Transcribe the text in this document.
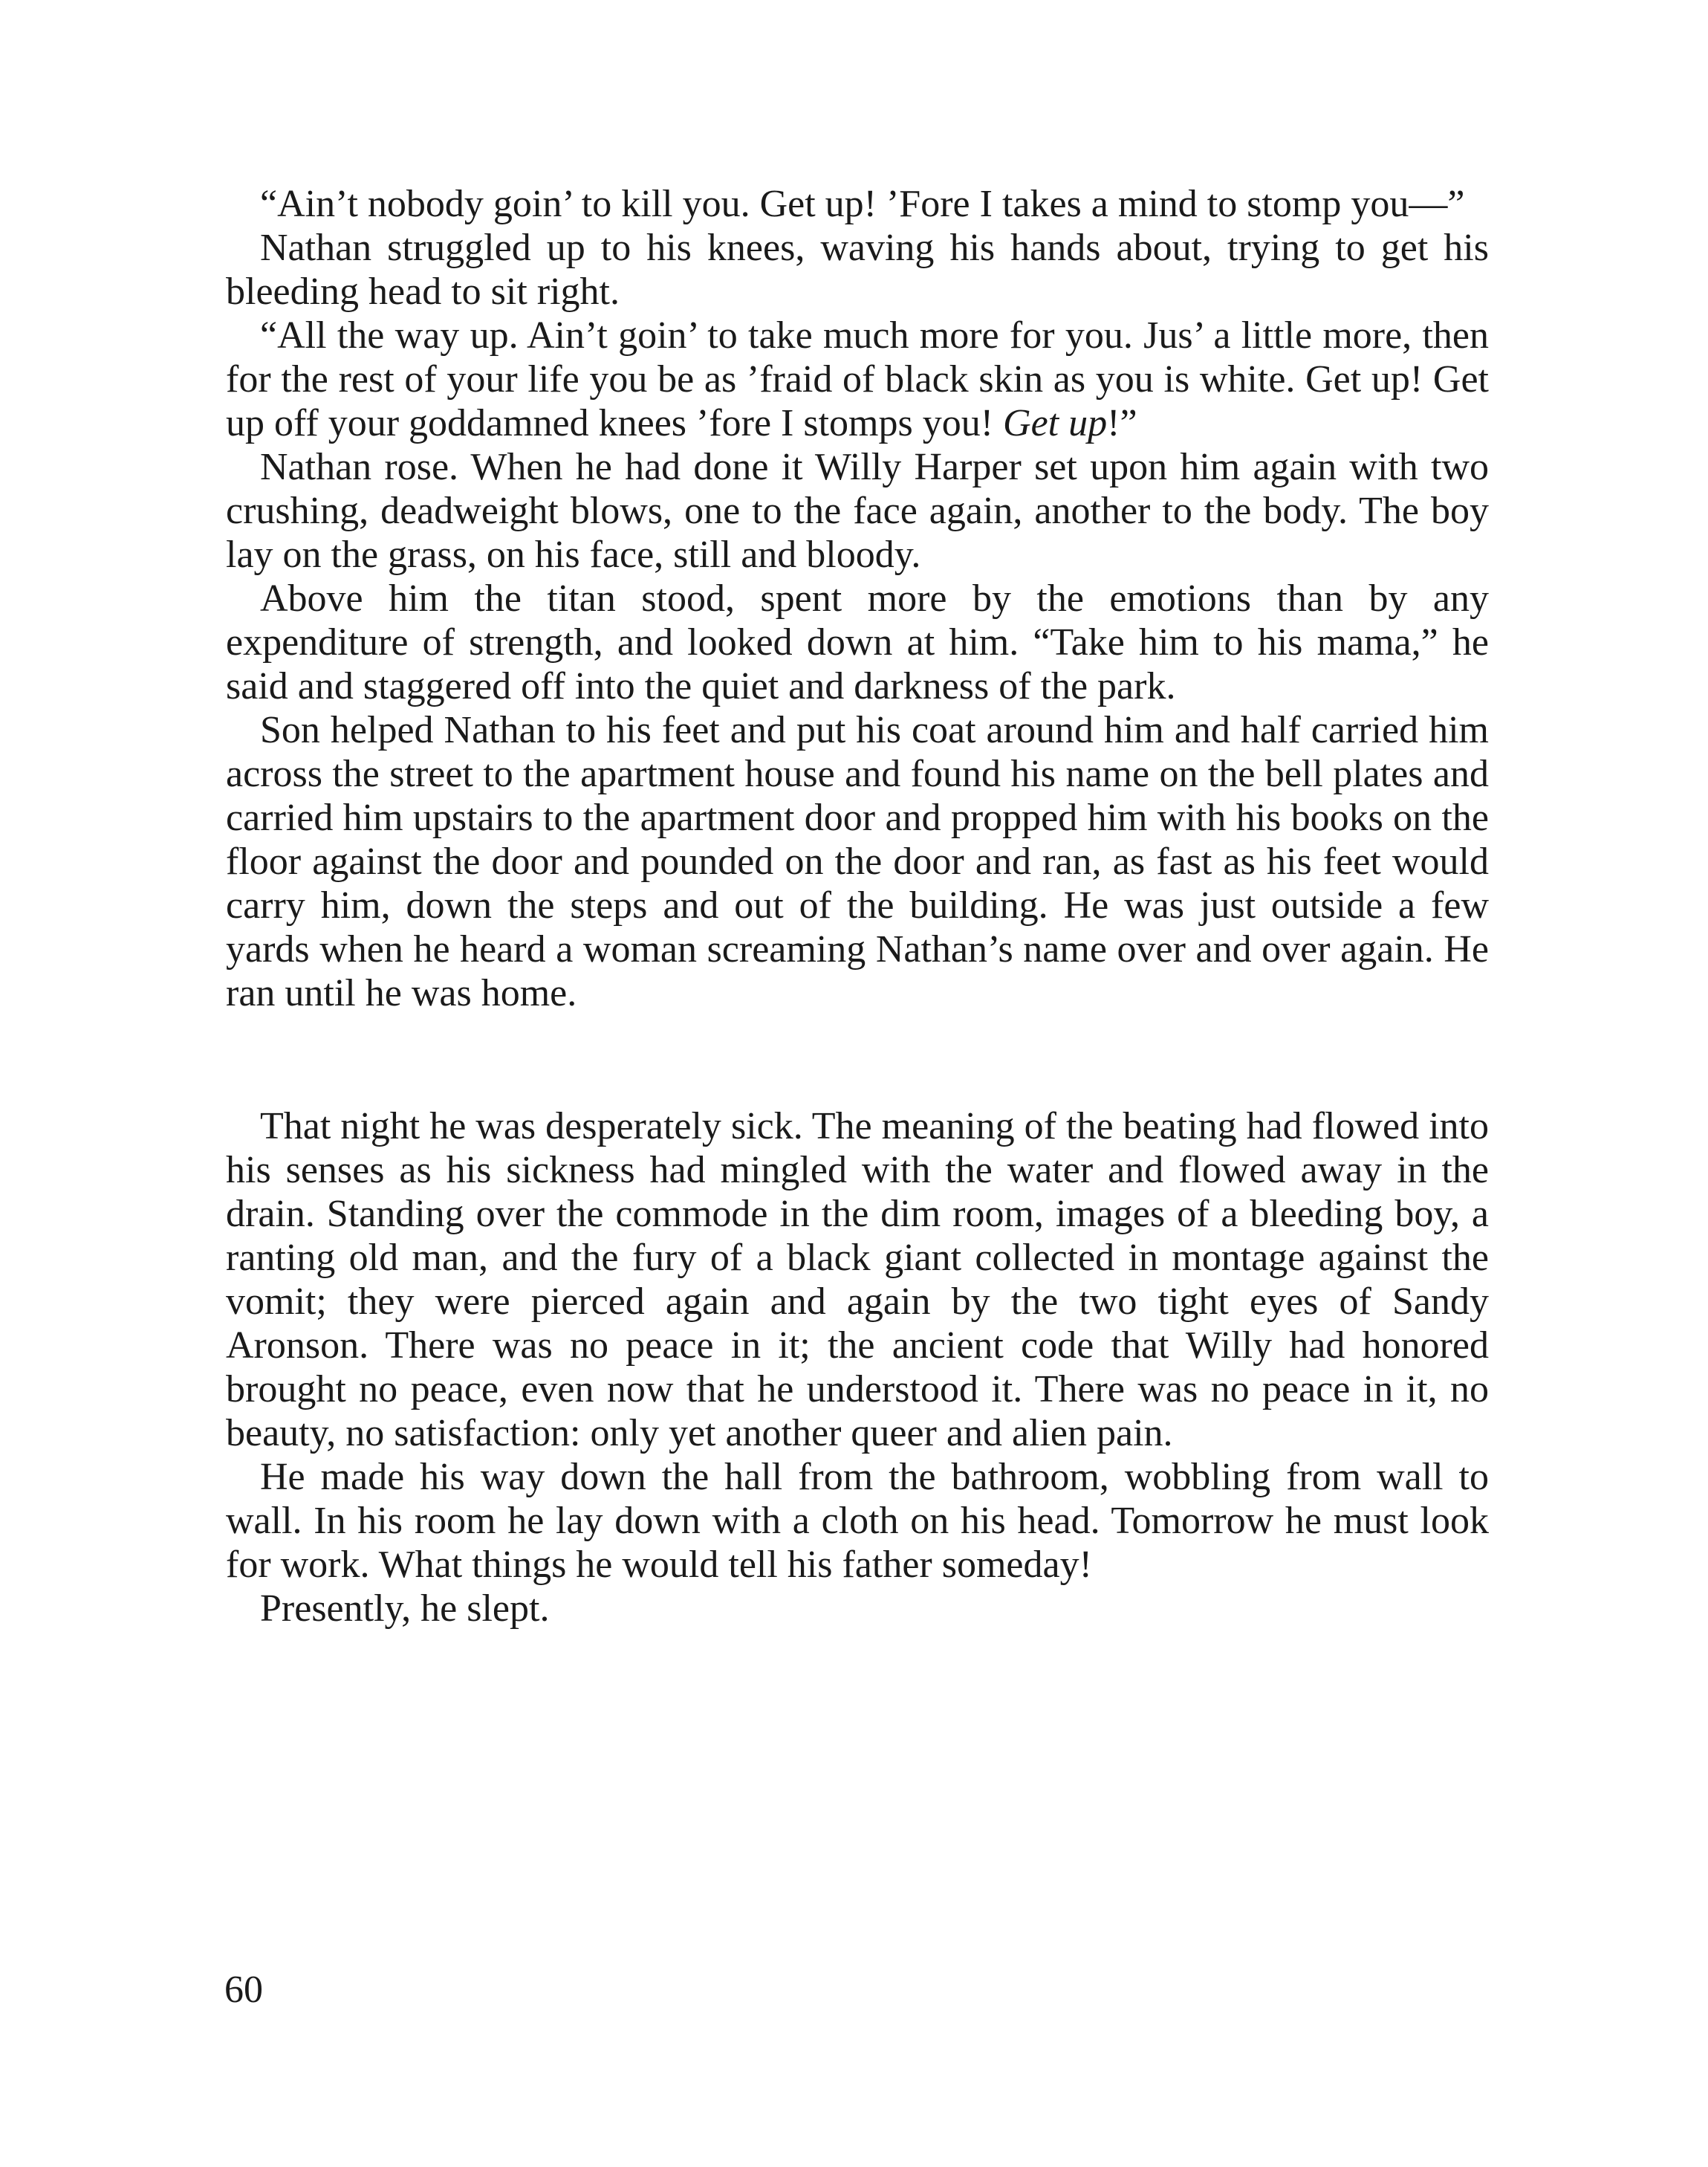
“Ain’t nobody goin’ to kill you. Get up! ’Fore I takes a mind to stomp you—”

Nathan struggled up to his knees, waving his hands about, trying to get his bleeding head to sit right.

“All the way up. Ain’t goin’ to take much more for you. Jus’ a little more, then for the rest of your life you be as ’fraid of black skin as you is white. Get up! Get up off your goddamned knees ’fore I stomps you! Get up!”

Nathan rose. When he had done it Willy Harper set upon him again with two crushing, deadweight blows, one to the face again, another to the body. The boy lay on the grass, on his face, still and bloody.

Above him the titan stood, spent more by the emotions than by any expenditure of strength, and looked down at him. “Take him to his mama,” he said and staggered off into the quiet and darkness of the park.

Son helped Nathan to his feet and put his coat around him and half carried him across the street to the apartment house and found his name on the bell plates and carried him upstairs to the apartment door and propped him with his books on the floor against the door and pounded on the door and ran, as fast as his feet would carry him, down the steps and out of the building. He was just outside a few yards when he heard a woman screaming Nathan’s name over and over again. He ran until he was home.

That night he was desperately sick. The meaning of the beating had flowed into his senses as his sickness had mingled with the water and flowed away in the drain. Standing over the commode in the dim room, images of a bleeding boy, a ranting old man, and the fury of a black giant collected in montage against the vomit; they were pierced again and again by the two tight eyes of Sandy Aronson. There was no peace in it; the ancient code that Willy had honored brought no peace, even now that he understood it. There was no peace in it, no beauty, no satisfaction: only yet another queer and alien pain.

He made his way down the hall from the bathroom, wobbling from wall to wall. In his room he lay down with a cloth on his head. Tomorrow he must look for work. What things he would tell his father someday!

Presently, he slept.

60
